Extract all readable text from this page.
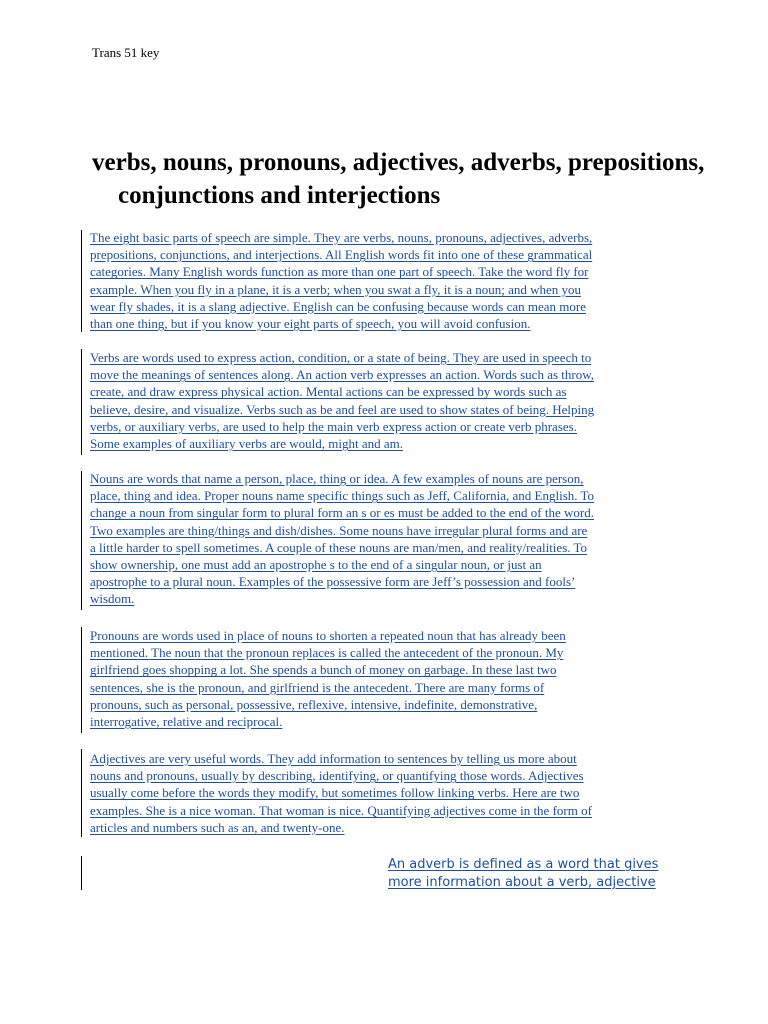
Trans 51 key
verbs, nouns, pronouns, adjectives, adverbs, prepositions, conjunctions and interjections

The eight basic parts of speech are simple. They are verbs, nouns, pronouns, adjectives, adverbs,
prepositions, conjunctions, and interjections. All English words fit into one of these grammatical
categories. Many English words function as more than one part of speech. Take the word fly for
example. When you fly in a plane, it is a verb; when you swat a fly, it is a noun; and when you
wear fly shades, it is a slang adjective. English can be confusing because words can mean more
than one thing, but if you know your eight parts of speech, you will avoid confusion.

Verbs are words used to express action, condition, or a state of being. They are used in speech to
move the meanings of sentences along. An action verb expresses an action. Words such as throw,
create, and draw express physical action. Mental actions can be expressed by words such as
believe, desire, and visualize. Verbs such as be and feel are used to show states of being. Helping
verbs, or auxiliary verbs, are used to help the main verb express action or create verb phrases.
Some examples of auxiliary verbs are would, might and am.

Nouns are words that name a person, place, thing or idea. A few examples of nouns are person,
place, thing and idea. Proper nouns name specific things such as Jeff, California, and English. To
change a noun from singular form to plural form an s or es must be added to the end of the word.
Two examples are thing/things and dish/dishes. Some nouns have irregular plural forms and are
a little harder to spell sometimes. A couple of these nouns are man/men, and reality/realities. To
show ownership, one must add an apostrophe s to the end of a singular noun, or just an
apostrophe to a plural noun. Examples of the possessive form are Jeff’s possession and fools’
wisdom.

Pronouns are words used in place of nouns to shorten a repeated noun that has already been
mentioned. The noun that the pronoun replaces is called the antecedent of the pronoun. My
girlfriend goes shopping a lot. She spends a bunch of money on garbage. In these last two
sentences, she is the pronoun, and girlfriend is the antecedent. There are many forms of
pronouns, such as personal, possessive, reflexive, intensive, indefinite, demonstrative,
interrogative, relative and reciprocal.

Adjectives are very useful words. They add information to sentences by telling us more about
nouns and pronouns, usually by describing, identifying, or quantifying those words. Adjectives
usually come before the words they modify, but sometimes follow linking verbs. Here are two
examples. She is a nice woman. That woman is nice. Quantifying adjectives come in the form of
articles and numbers such as an, and twenty-one.

An adverb is defined as a word that gives
more information about a verb, adjective
